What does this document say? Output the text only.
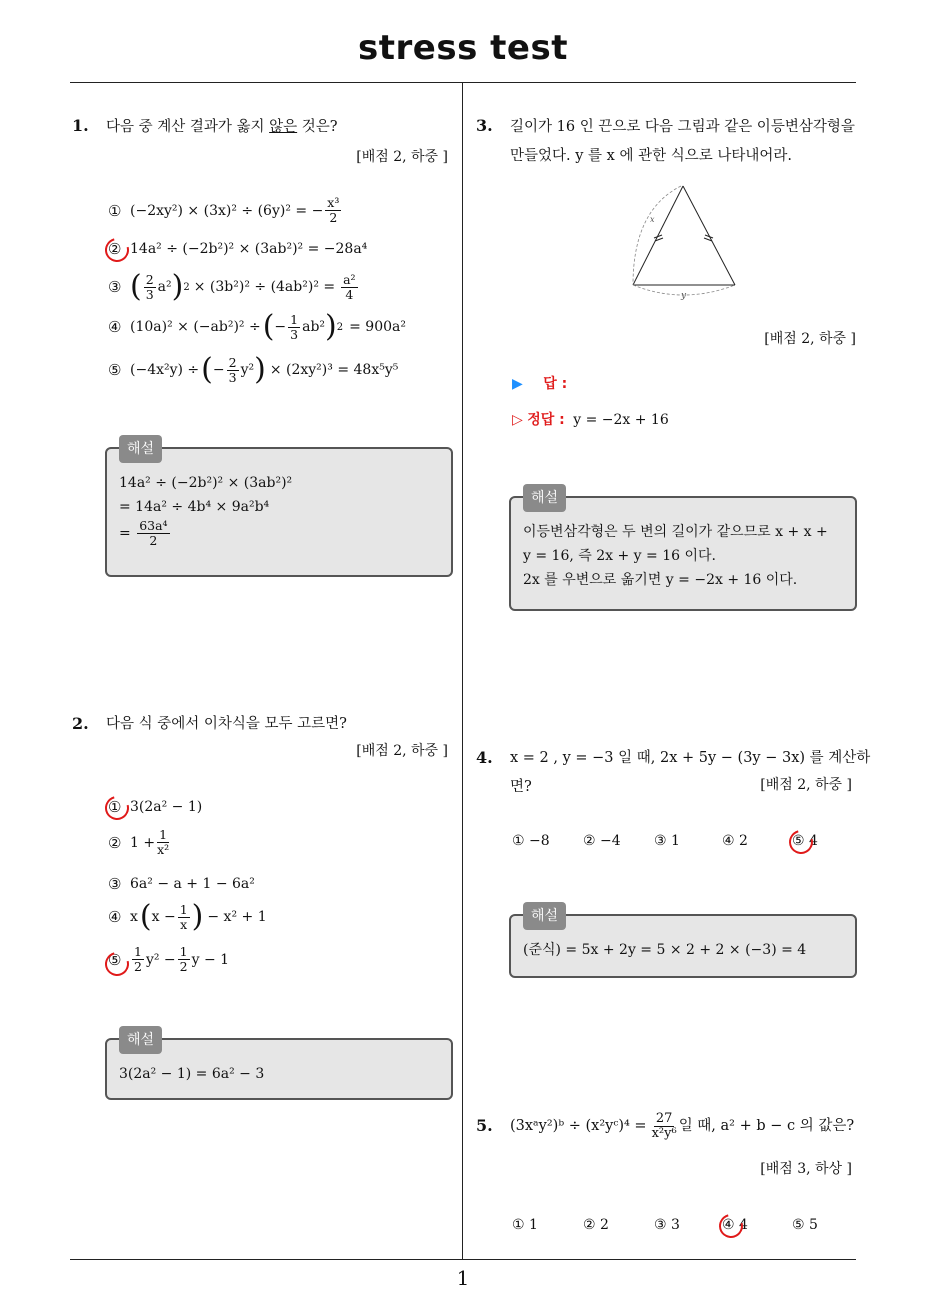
stress test
1
1. 다음 중 계산 결과가 옳지 않은 것은?
[배점 2, 하중 ]
① (−2xy²) × (3x)² ÷ (6y)² = − $\frac{\text{x³}}{2}$
② 14a² ÷ (−2b²)² × (3ab²)² = −28a⁴
③ ( $\frac{2}{3} a^2$ ) $2 \times (3b^2)^2 \div (4ab^2)^2 = \frac{\text{a²}}{4}$
④ (10a)² × (−ab²)² ÷ ( − $\frac{1}{3} ab^2$ ) 2 = 900a²
⑤ (−4x²y) ÷ ( − $\frac{2}{3} y^2$ ) × (2xy²)³ = 48x⁵y⁵
해설
14a² ÷ (−2b²)² × (3ab²)²
= 14a² ÷ 4b⁴ × 9a²b⁴
= $\frac{\text{63a⁴}}{2}$
2. 다음 식 중에서 이차식을 모두 고르면?
[배점 2, 하중 ]
① 3(2a² − 1)
② $1 + \frac{1}{\text{x²}}$
③ 6a² − a + 1 − 6a²
④ x ( $x - \frac{1}{x}$ ) − x² + 1
⑤ $\frac{1}{2} y^2 - \frac{1}{2}$ y − 1
해설
3(2a² − 1) = 6a² − 3
3. 길이가 16 인 끈으로 다음 그림과 같은 이등변삼각형을
만들었다. y 를 x 에 관한 식으로 나타내어라.
x
y
[배점 2, 하중 ]
▶ 답 :
▷ 정답 : y = −2x + 16
해설
이등변삼각형은 두 변의 길이가 같으므로 x + x +
y = 16, 즉 2x + y = 16 이다.
2x 를 우변으로 옮기면 y = −2x + 16 이다.
4. x = 2 , y = −3 일 때, 2x + 5y − (3y − 3x) 를 계산하
면?	[배점 2, 하중 ]
① −8 ② −4 ③ 1	④ 2	⑤ 4
해설
(준식) = 5x + 2y = 5 × 2 + 2 × (−3) = 4
5. (3xᵃy²)ᵇ ÷ (x²yᶜ)⁴ = $\frac{27}{\text{x²y⁶}}$ 일 때, a² + b − c 의 값은?
[배점 3, 하상 ]
① 1	② 2	③ 3	④ 4	⑤ 5
